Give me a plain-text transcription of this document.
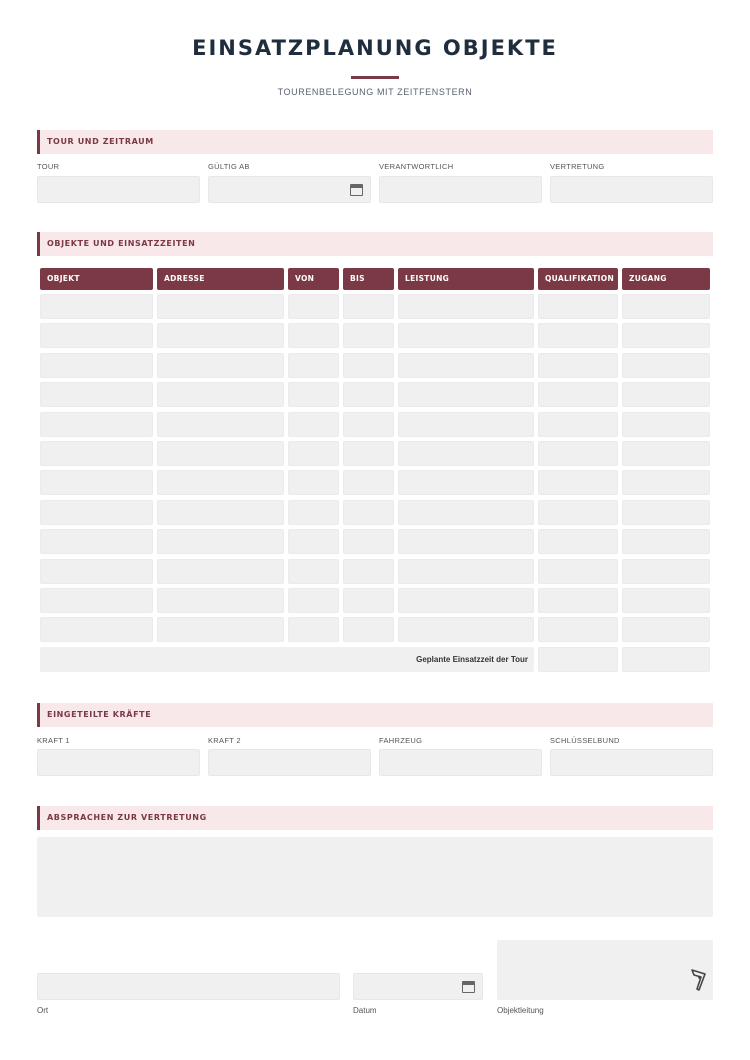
EINSATZPLANUNG OBJEKTE
TOURENBELEGUNG MIT ZEITFENSTERN
TOUR UND ZEITRAUM
TOUR	GÜLTIG AB	VERANTWORTLICH	VERTRETUNG
OBJEKTE UND EINSATZZEITEN
OBJEKT	ADRESSE	VON	BIS	LEISTUNG	QUALIFIKATION	ZUGANG
Geplante Einsatzzeit der Tour
EINGETEILTE KRÄFTE
KRAFT 1	KRAFT 2	FAHRZEUG	SCHLÜSSELBUND
ABSPRACHEN ZUR VERTRETUNG
Ort	Datum	Objektleitung
